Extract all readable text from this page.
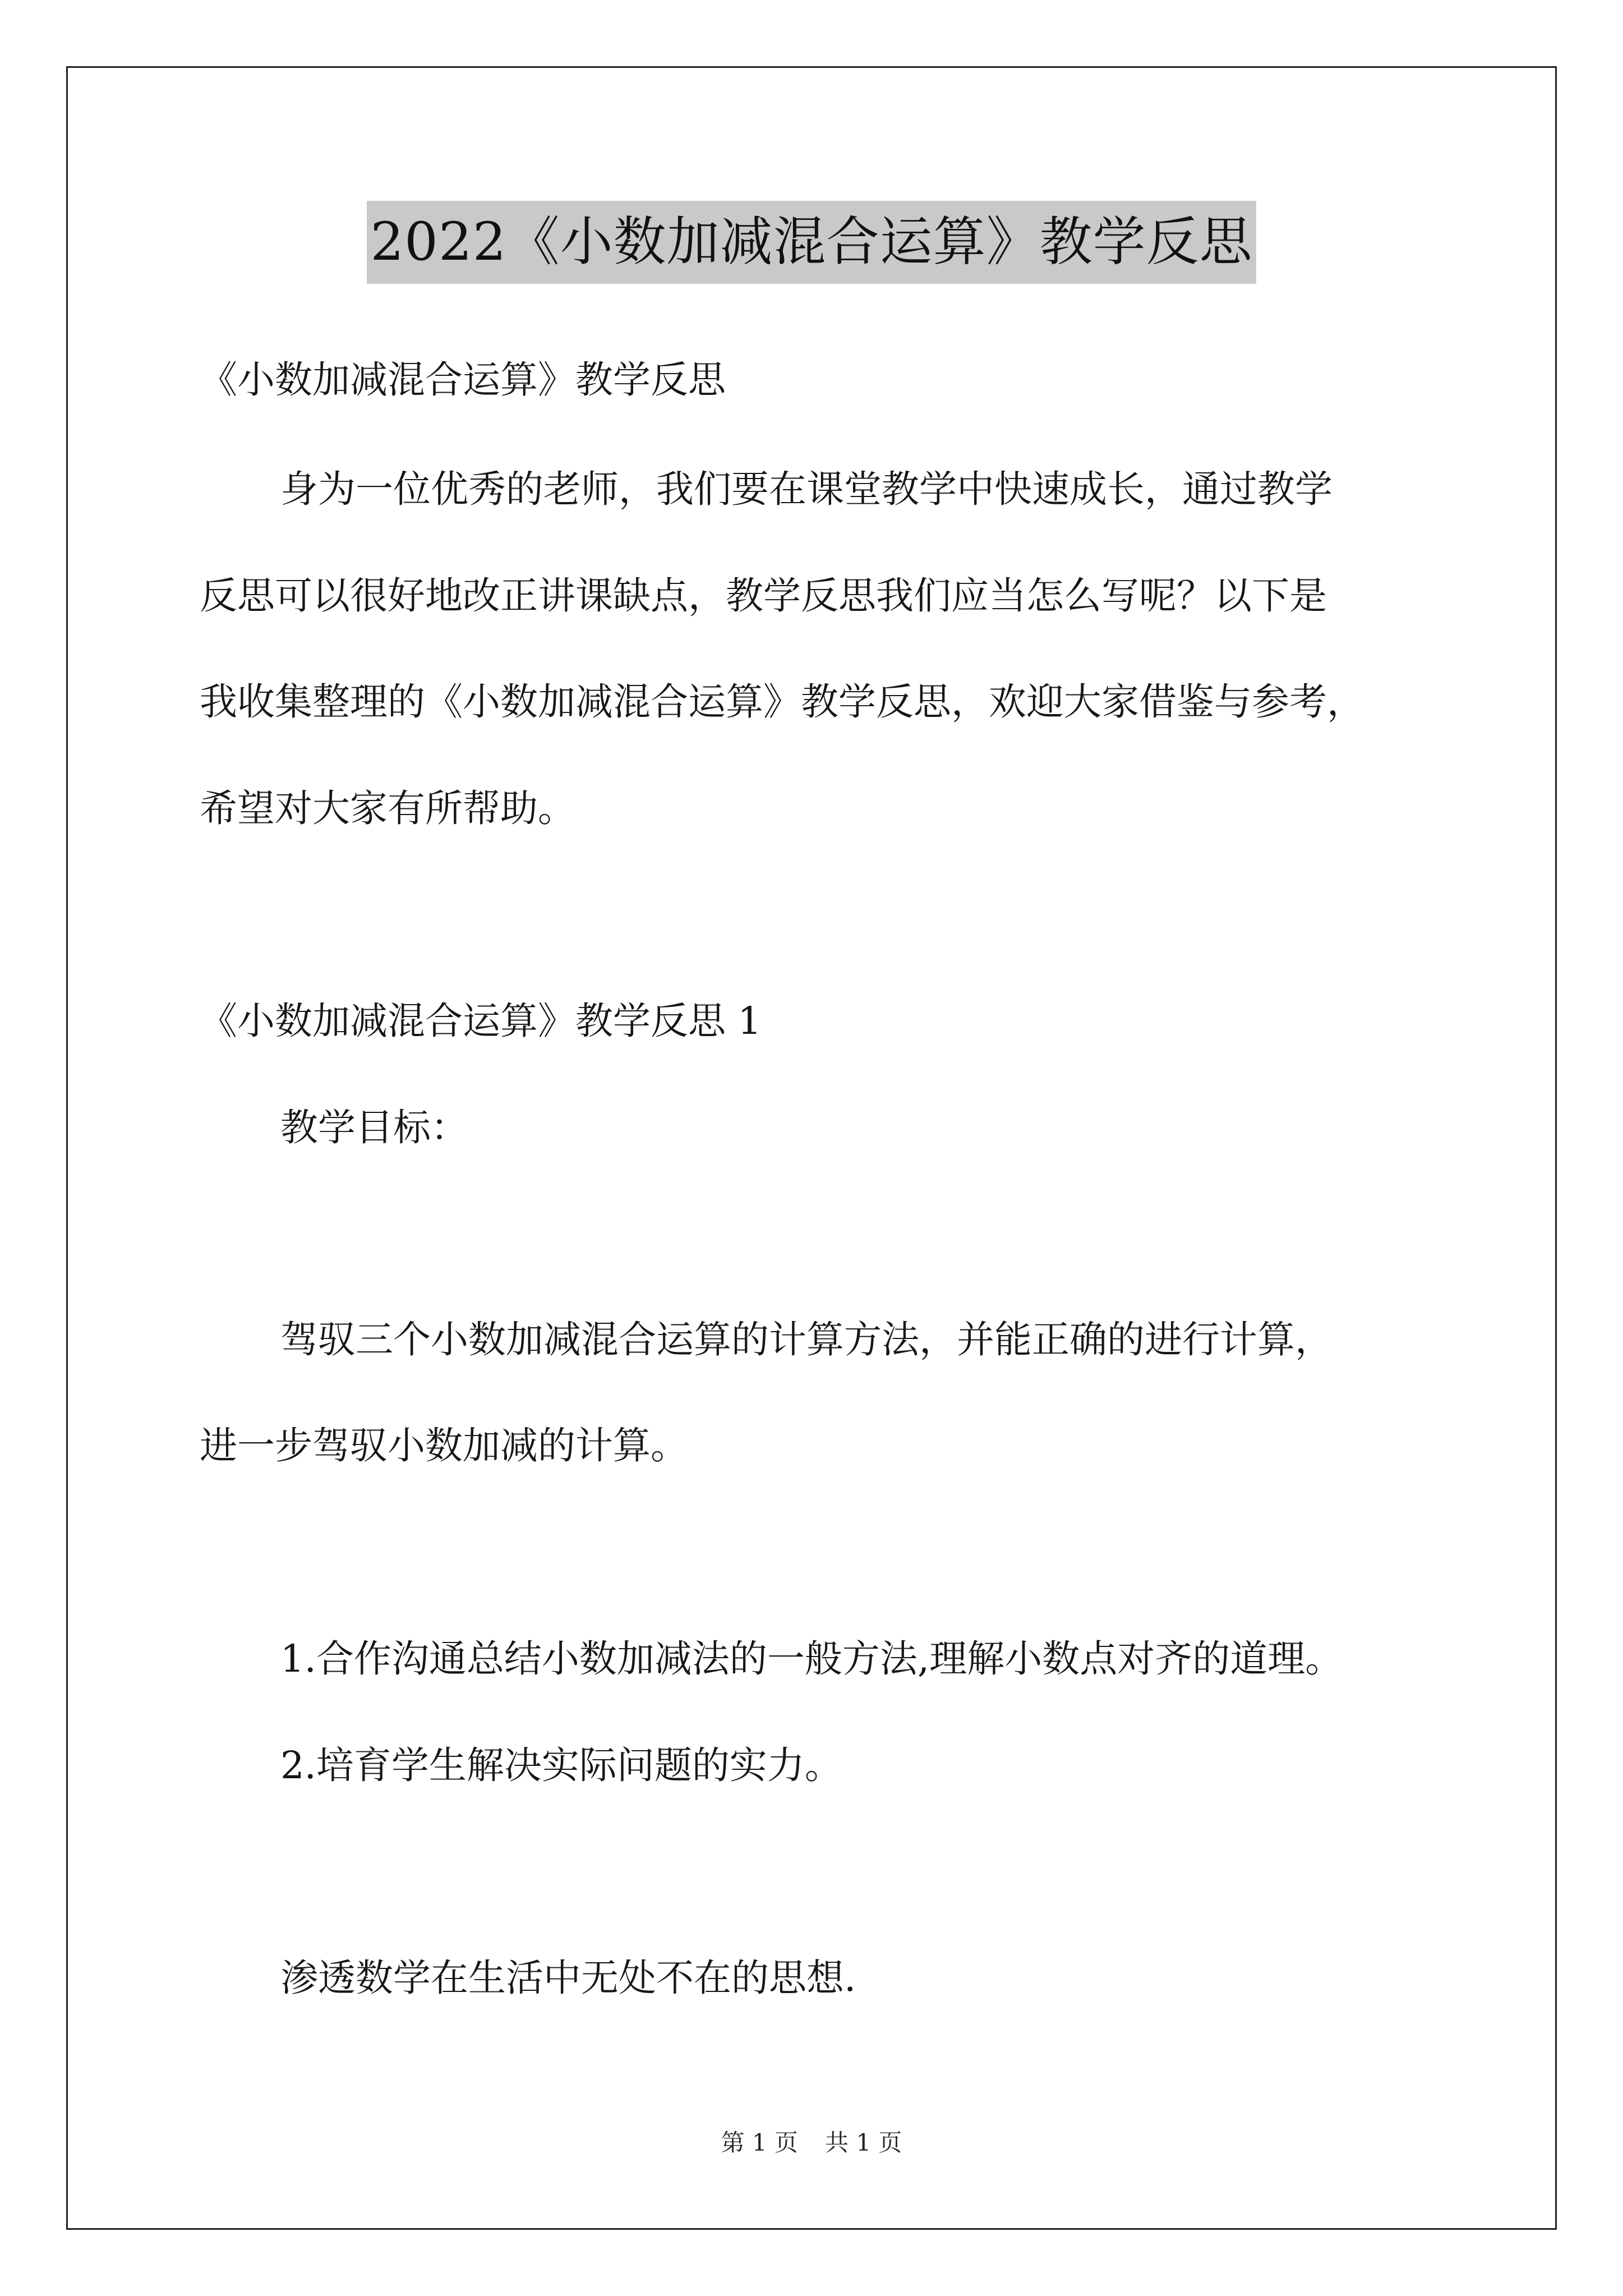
2022《小数加减混合运算》教学反思
《小数加减混合运算》教学反思
身为一位优秀的老师，我们要在课堂教学中快速成长，通过教学
反思可以很好地改正讲课缺点，教学反思我们应当怎么写呢？以下是
我收集整理的《小数加减混合运算》教学反思，欢迎大家借鉴与参考，
希望对大家有所帮助。
《小数加减混合运算》教学反思 1
教学目标：
驾驭三个小数加减混合运算的计算方法，并能正确的进行计算，
进一步驾驭小数加减的计算。
1.合作沟通总结小数加减法的一般方法,理解小数点对齐的道理。
2.培育学生解决实际问题的实力。
渗透数学在生活中无处不在的思想.
第 1 页 共 1 页
